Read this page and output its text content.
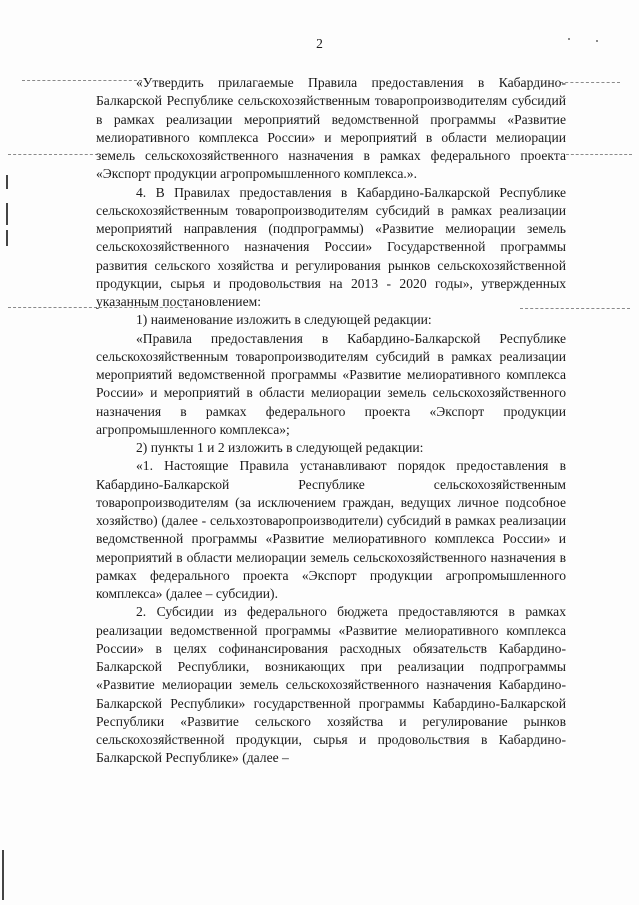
2

«Утвердить прилагаемые Правила предоставления в Кабардино-Балкарской Республике сельскохозяйственным товаропроизводителям субсидий в рамках реализации мероприятий ведомственной программы «Развитие мелиоративного комплекса России» и мероприятий в области мелиорации земель сельскохозяйственного назначения в рамках федерального проекта «Экспорт продукции агропромышленного комплекса.».

4. В Правилах предоставления в Кабардино-Балкарской Республике сельскохозяйственным товаропроизводителям субсидий в рамках реализации мероприятий направления (подпрограммы) «Развитие мелиорации земель сельскохозяйственного назначения России» Государственной программы развития сельского хозяйства и регулирования рынков сельскохозяйственной продукции, сырья и продовольствия на 2013 - 2020 годы», утвержденных указанным постановлением:

1) наименование изложить в следующей редакции:

«Правила предоставления в Кабардино-Балкарской Республике сельскохозяйственным товаропроизводителям субсидий в рамках реализации мероприятий ведомственной программы «Развитие мелиоративного комплекса России» и мероприятий в области мелиорации земель сельскохозяйственного назначения в рамках федерального проекта «Экспорт продукции агропромышленного комплекса»;

2) пункты 1 и 2 изложить в следующей редакции:

«1. Настоящие Правила устанавливают порядок предоставления в Кабардино-Балкарской Республике сельскохозяйственным товаропроизводителям (за исключением граждан, ведущих личное подсобное хозяйство) (далее - сельхозтоваропроизводители) субсидий в рамках реализации ведомственной программы «Развитие мелиоративного комплекса России» и мероприятий в области мелиорации земель сельскохозяйственного назначения в рамках федерального проекта «Экспорт продукции агропромышленного комплекса» (далее – субсидии).

2. Субсидии из федерального бюджета предоставляются в рамках реализации ведомственной программы «Развитие мелиоративного комплекса России» в целях софинансирования расходных обязательств Кабардино-Балкарской Республики, возникающих при реализации подпрограммы «Развитие мелиорации земель сельскохозяйственного назначения Кабардино-Балкарской Республики» государственной программы Кабардино-Балкарской Республики «Развитие сельского хозяйства и регулирование рынков сельскохозяйственной продукции, сырья и продовольствия в Кабардино-Балкарской Республике» (далее –
